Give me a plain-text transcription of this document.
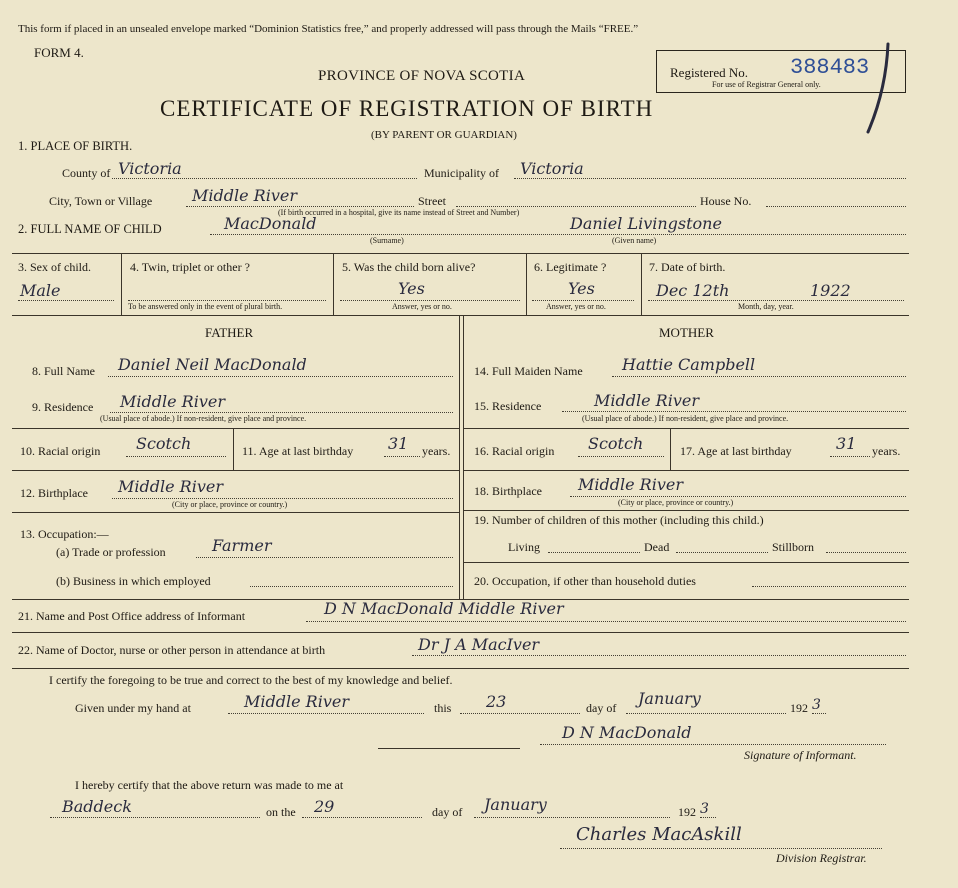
This form if placed in an unsealed envelope marked “Dominion Statistics free,” and properly addressed will pass through the Mails “FREE.”
FORM 4.
PROVINCE OF NOVA SCOTIA
CERTIFICATE OF REGISTRATION OF BIRTH
(BY PARENT OR GUARDIAN)
Registered No. 388483
For use of Registrar General only.
1. PLACE OF BIRTH.
County of Victoria	Municipality of Victoria
City, Town or Village Middle River	Street	House No.
(If birth occurred in a hospital, give its name instead of Street and Number)
2. FULL NAME OF CHILD	MacDonald	Daniel Livingstone
(Surname)	(Given name)
3. Sex of child.
Male
4. Twin, triplet or other ?
To be answered only in the event of plural birth.
5. Was the child born alive?
Yes
Answer, yes or no.
6. Legitimate ?
Yes
Answer, yes or no.
7. Date of birth.
Dec 12th	1922
Month, day, year.
FATHER	MOTHER
8. Full Name Daniel Neil MacDonald
9. Residence Middle River
(Usual place of abode.) If non-resident, give place and province.
10. Racial origin Scotch	11. Age at last birthday 31 years.
12. Birthplace Middle River
(City or place, province or country.)
13. Occupation:—
(a) Trade or profession	Farmer
(b) Business in which employed
14. Full Maiden Name Hattie Campbell
15. Residence	Middle River
(Usual place of abode.) If non-resident, give place and province.
16. Racial origin Scotch	17. Age at last birthday	31 years.
18. Birthplace Middle River
(City or place, province or country.)
19. Number of children of this mother (including this child.)
Living	Dead	Stillborn
20. Occupation, if other than household duties
21. Name and Post Office address of Informant	D N MacDonald Middle River
22. Name of Doctor, nurse or other person in attendance at birth	Dr J A MacIver
I certify the foregoing to be true and correct to the best of my knowledge and belief.
Given under my hand at	Middle River	this 23	day of January	192 3
D N MacDonald
Signature of Informant.
I hereby certify that the above return was made to me at
Baddeck	on the 29	day of January	192 3
Charles MacAskill
Division Registrar.
